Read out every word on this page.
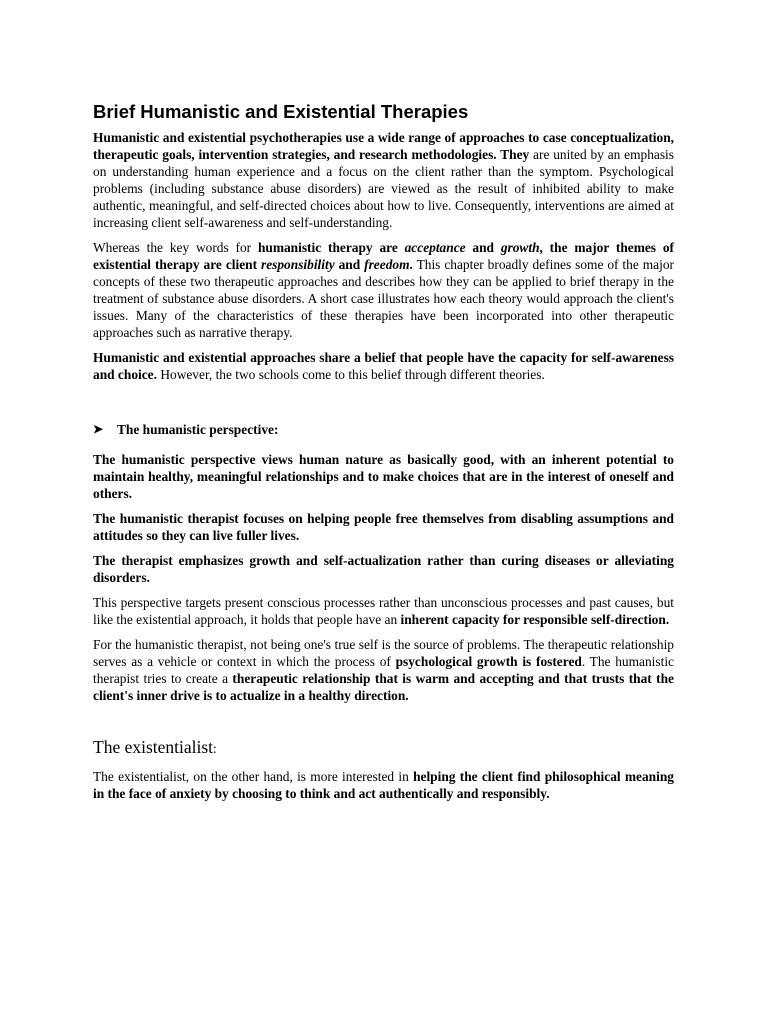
Brief Humanistic and Existential Therapies

Humanistic and existential psychotherapies use a wide range of approaches to case conceptualization, therapeutic goals, intervention strategies, and research methodologies. They are united by an emphasis on understanding human experience and a focus on the client rather than the symptom. Psychological problems (including substance abuse disorders) are viewed as the result of inhibited ability to make authentic, meaningful, and self-directed choices about how to live. Consequently, interventions are aimed at increasing client self-awareness and self-understanding.

Whereas the key words for humanistic therapy are acceptance and growth, the major themes of existential therapy are client responsibility and freedom. This chapter broadly defines some of the major concepts of these two therapeutic approaches and describes how they can be applied to brief therapy in the treatment of substance abuse disorders. A short case illustrates how each theory would approach the client's issues. Many of the characteristics of these therapies have been incorporated into other therapeutic approaches such as narrative therapy.

Humanistic and existential approaches share a belief that people have the capacity for self-awareness and choice. However, the two schools come to this belief through different theories.

➤	The humanistic perspective:

The humanistic perspective views human nature as basically good, with an inherent potential to maintain healthy, meaningful relationships and to make choices that are in the interest of oneself and others.

The humanistic therapist focuses on helping people free themselves from disabling assumptions and attitudes so they can live fuller lives.

The therapist emphasizes growth and self-actualization rather than curing diseases or alleviating disorders.

This perspective targets present conscious processes rather than unconscious processes and past causes, but like the existential approach, it holds that people have an inherent capacity for responsible self-direction.

For the humanistic therapist, not being one's true self is the source of problems. The therapeutic relationship serves as a vehicle or context in which the process of psychological growth is fostered. The humanistic therapist tries to create a therapeutic relationship that is warm and accepting and that trusts that the client's inner drive is to actualize in a healthy direction.

The existentialist:

The existentialist, on the other hand, is more interested in helping the client find philosophical meaning in the face of anxiety by choosing to think and act authentically and responsibly.
